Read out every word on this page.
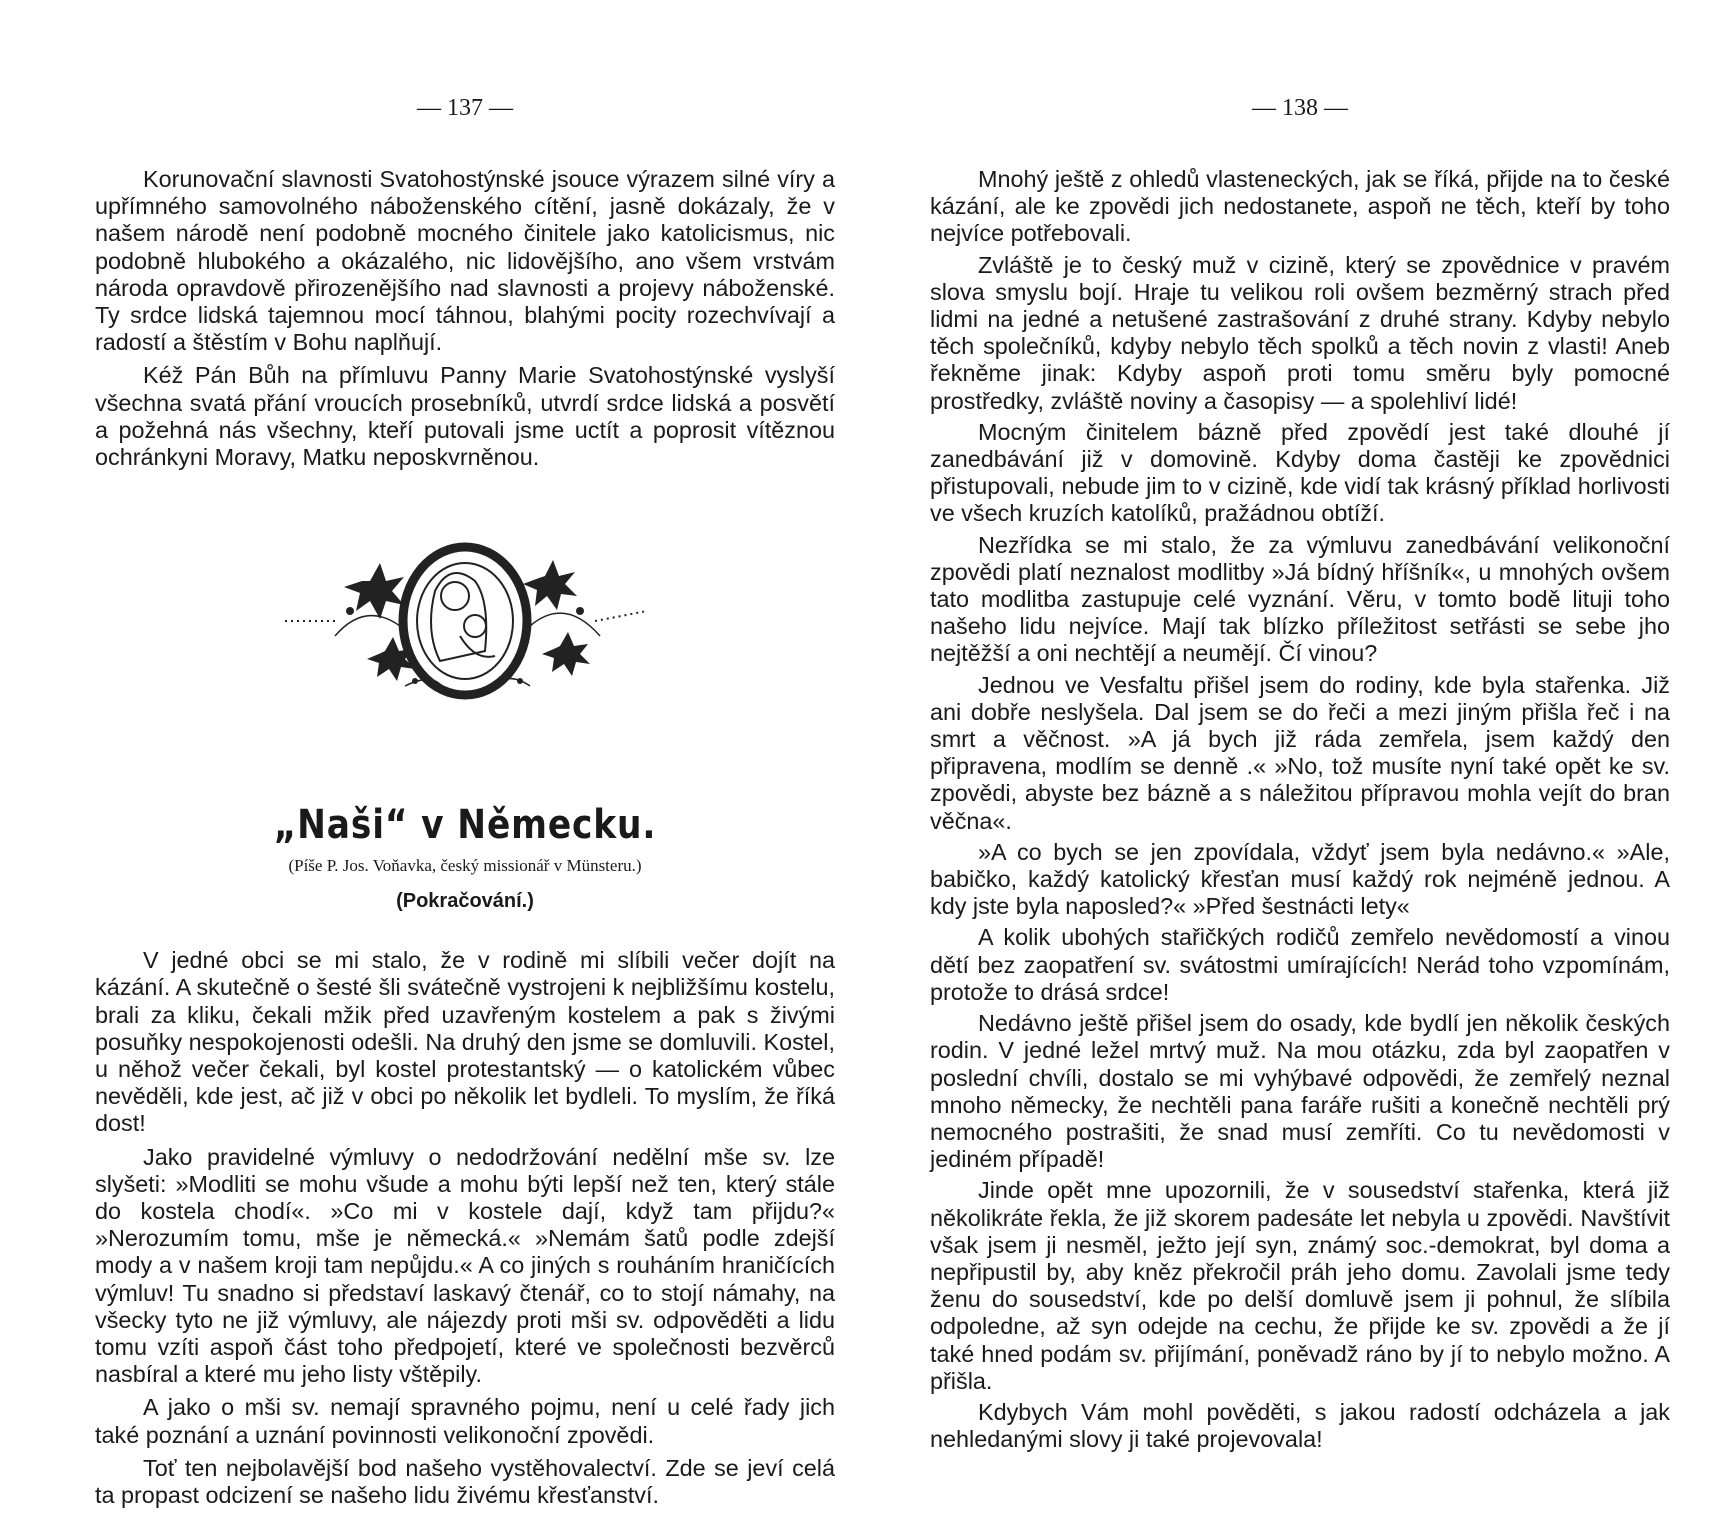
— 137 —

Korunovační slavnosti Svatohostýnské jsouce výrazem silné víry a upřímného samovolného náboženského cítění, jasně dokázaly, že v našem národě není podobně mocného činitele jako katolicismus, nic podobně hlubokého a okázalého, nic lidovějšího, ano všem vrstvám národa opravdově přirozenějšího nad slavnosti a projevy náboženské. Ty srdce lidská tajemnou mocí táhnou, blahými pocity rozechvívají a radostí a štěstím v Bohu naplňují.

Kéž Pán Bůh na přímluvu Panny Marie Svatohostýnské vyslyší všechna svatá přání vroucích prosebníků, utvrdí srdce lidská a posvětí a požehná nás všechny, kteří putovali jsme uctít a poprosit vítěznou ochránkyni Moravy, Matku neposkvrněnou.

„Naši“ v Německu.
(Píše P. Jos. Voňavka, český missionář v Münsteru.)
(Pokračování.)

V jedné obci se mi stalo, že v rodině mi slíbili večer dojít na kázání. A skutečně o šesté šli svátečně vystrojeni k nejbližšímu kostelu, brali za kliku, čekali mžik před uzavřeným kostelem a pak s živými posuňky nespokojenosti odešli. Na druhý den jsme se domluvili. Kostel, u něhož večer čekali, byl kostel protestantský — o katolickém vůbec nevěděli, kde jest, ač již v obci po několik let bydleli. To myslím, že říká dost!

Jako pravidelné výmluvy o nedodržování nedělní mše sv. lze slyšeti: »Modliti se mohu všude a mohu býti lepší než ten, který stále do kostela chodí«. »Co mi v kostele dají, když tam přijdu?« »Nerozumím tomu, mše je německá.« »Nemám šatů podle zdejší mody a v našem kroji tam nepůjdu.« A co jiných s rouháním hraničících výmluv! Tu snadno si představí laskavý čtenář, co to stojí námahy, na všecky tyto ne již výmluvy, ale nájezdy proti mši sv. odpověděti a lidu tomu vzíti aspoň část toho předpojetí, které ve společnosti bezvěrců nasbíral a které mu jeho listy vštěpily.

A jako o mši sv. nemají spravného pojmu, není u celé řady jich také poznání a uznání povinnosti velikonoční zpovědi.

Toť ten nejbolavější bod našeho vystěhovalectví. Zde se jeví celá ta propast odcizení se našeho lidu živému křesťanství.

— 138 —

Mnohý ještě z ohledů vlasteneckých, jak se říká, přijde na to české kázání, ale ke zpovědi jich nedostanete, aspoň ne těch, kteří by toho nejvíce potřebovali.

Zvláště je to český muž v cizině, který se zpovědnice v pravém slova smyslu bojí. Hraje tu velikou roli ovšem bezměrný strach před lidmi na jedné a netušené zastrašování z druhé strany. Kdyby nebylo těch společníků, kdyby nebylo těch spolků a těch novin z vlasti! Aneb řekněme jinak: Kdyby aspoň proti tomu směru byly pomocné prostředky, zvláště noviny a časopisy — a spolehliví lidé!

Mocným činitelem bázně před zpovědí jest také dlouhé jí zanedbávání již v domovině. Kdyby doma častěji ke zpovědnici přistupovali, nebude jim to v cizině, kde vidí tak krásný příklad horlivosti ve všech kruzích katolíků, pražádnou obtíží.

Nezřídka se mi stalo, že za výmluvu zanedbávání velikonoční zpovědi platí neznalost modlitby »Já bídný hříšník«, u mnohých ovšem tato modlitba zastupuje celé vyznání. Věru, v tomto bodě lituji toho našeho lidu nejvíce. Mají tak blízko příležitost setřásti se sebe jho nejtěžší a oni nechtějí a neumějí. Čí vinou?

Jednou ve Vesfaltu přišel jsem do rodiny, kde byla stařenka. Již ani dobře neslyšela. Dal jsem se do řeči a mezi jiným přišla řeč i na smrt a věčnost. »A já bych již ráda zemřela, jsem každý den připravena, modlím se denně .« »No, tož musíte nyní také opět ke sv. zpovědi, abyste bez bázně a s náležitou přípravou mohla vejít do bran věčna«.

»A co bych se jen zpovídala, vždyť jsem byla nedávno.« »Ale, babičko, každý katolický křesťan musí každý rok nejméně jednou. A kdy jste byla naposled?« »Před šestnácti lety«

A kolik ubohých stařičkých rodičů zemřelo nevědomostí a vinou dětí bez zaopatření sv. svátostmi umírajících! Nerád toho vzpomínám, protože to drásá srdce!

Nedávno ještě přišel jsem do osady, kde bydlí jen několik českých rodin. V jedné ležel mrtvý muž. Na mou otázku, zda byl zaopatřen v poslední chvíli, dostalo se mi vyhýbavé odpovědi, že zemřelý neznal mnoho německy, že nechtěli pana faráře rušiti a konečně nechtěli prý nemocného postrašiti, že snad musí zemříti. Co tu nevědomosti v jediném případě!

Jinde opět mne upozornili, že v sousedství stařenka, která již několikráte řekla, že již skorem padesáte let nebyla u zpovědi. Navštívit však jsem ji nesměl, ježto její syn, známý soc.-demokrat, byl doma a nepřipustil by, aby kněz překročil práh jeho domu. Zavolali jsme tedy ženu do sousedství, kde po delší domluvě jsem ji pohnul, že slíbila odpoledne, až syn odejde na cechu, že přijde ke sv. zpovědi a že jí také hned podám sv. přijímání, poněvadž ráno by jí to nebylo možno. A přišla.

Kdybych Vám mohl pověděti, s jakou radostí odcházela a jak nehledanými slovy ji také projevovala!
